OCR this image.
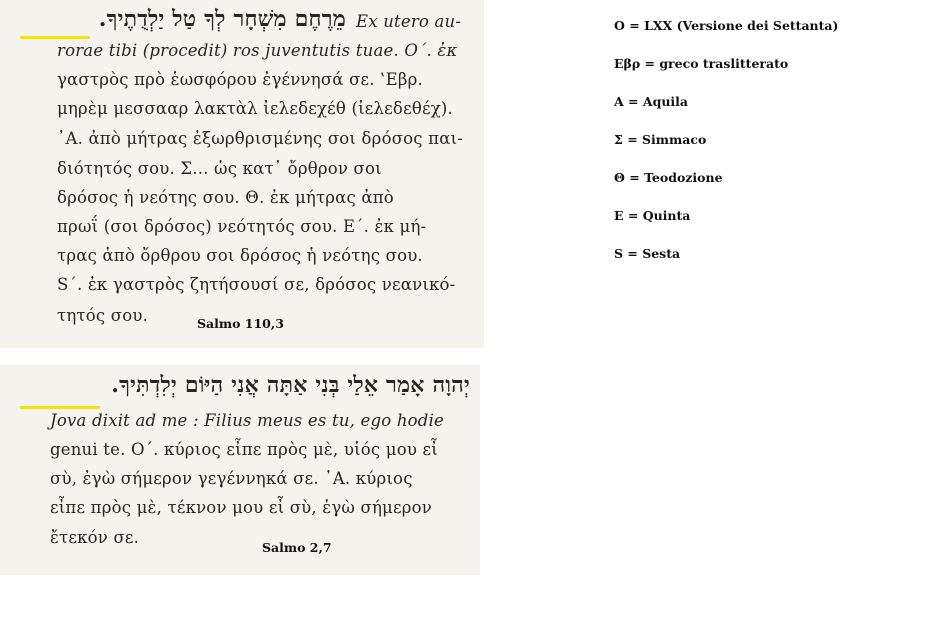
מֵרֶחֶם מִשְׁחָר לְךָ טַל יַלְדֻתֶיךָ. Ex utero au-
rorae tibi (procedit) ros juventutis tuae. Ο΄. ἐκ
γαστρὸς πρὸ ἑωσφόρου ἐγέννησά σε. ‛Εβρ.
μηρὲμ μεσσααρ λακτὰλ ἰελεδεχέθ (ἰελεδεθέχ).
᾽Α. ἀπὸ μήτρας ἐξωρθρισμένης σοι δρόσος παι-
διότητός σου. Σ... ὡς κατ᾽ ὄρθρον σοι
δρόσος ἡ νεότης σου. Θ. ἐκ μήτρας ἀπὸ
πρωΐ (σοι δρόσος) νεότητός σου. Ε΄. ἐκ μή-
τρας ἀπὸ ὄρθρου σοι δρόσος ἡ νεότης σου.
S΄. ἐκ γαστρὸς ζητήσουσί σε, δρόσος νεανικό-
τητός σου.	Salmo 110,3
יְהוָה אָמַר אֵלַי בְּנִי אַתָּה אֲנִי הַיּוֹם יְלִדְתִּיךָ.
Jova dixit ad me : Filius meus es tu, ego hodie
genui te. Ο΄. κύριος εἶπε πρὸς μὲ, υἱός μου εἶ
σὺ, ἐγὼ σήμερον γεγέννηκά σε. ᾽Α. κύριος
εἶπε πρὸς μὲ, τέκνον μου εἶ σὺ, ἐγὼ σήμερον
ἔτεκόν σε.
Salmo 2,7
O = LXX (Versione dei Settanta)
Εβρ = greco traslitterato
A = Aquila
Σ = Simmaco
Θ = Teodozione
E = Quinta
S = Sesta
